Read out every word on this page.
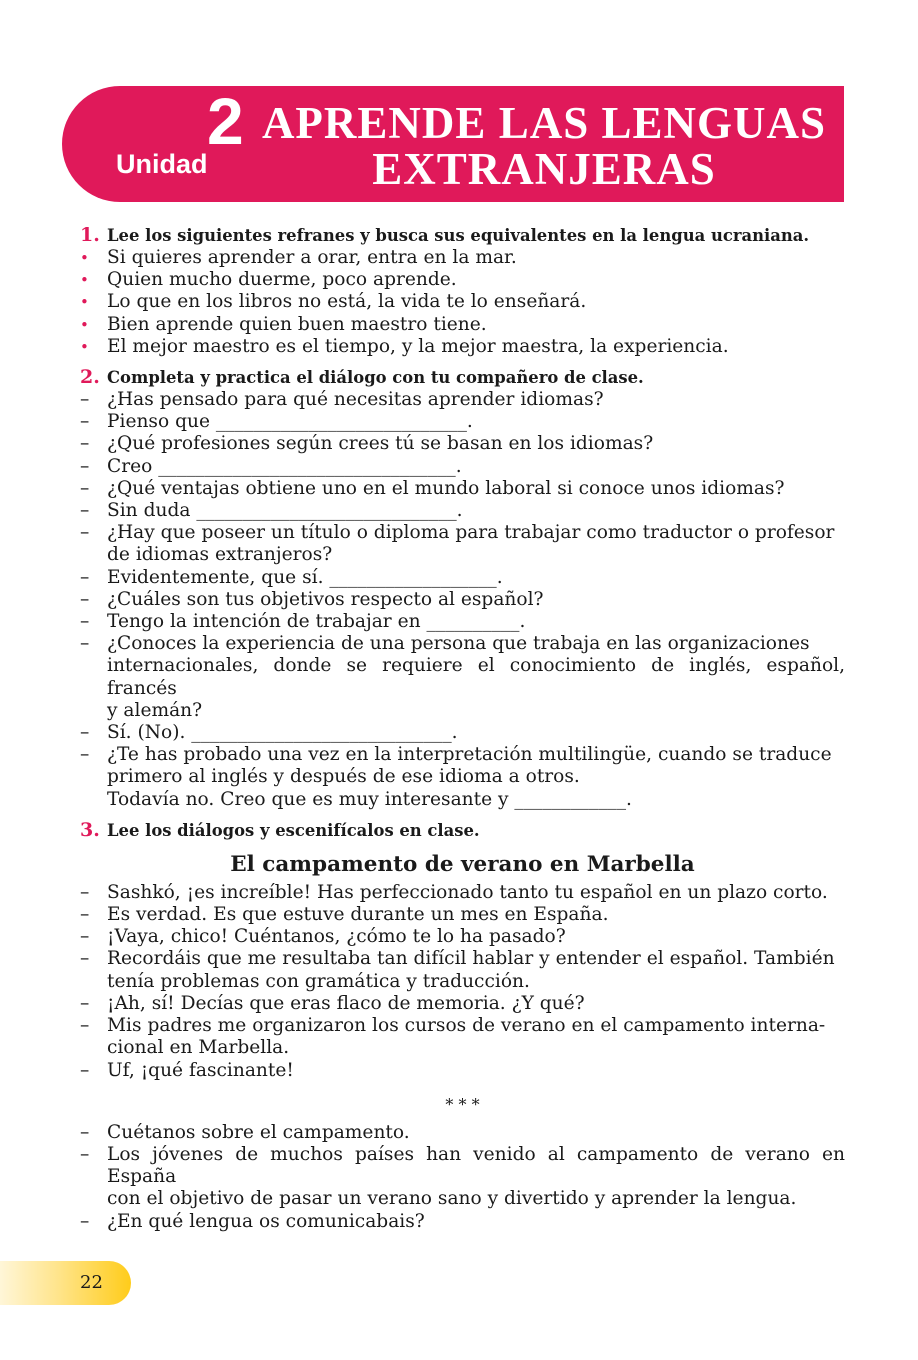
2
Unidad
APRENDE LAS LENGUAS
EXTRANJERAS
1. Lee los siguientes refranes y busca sus equivalentes en la lengua ucraniana.
• Si quieres aprender a orar, entra en la mar.
• Quien mucho duerme, poco aprende.
• Lo que en los libros no está, la vida te lo enseñará.
• Bien aprende quien buen maestro tiene.
• El mejor maestro es el tiempo, y la mejor maestra, la experiencia.
2. Completa y practica el diálogo con tu compañero de clase.
– ¿Has pensado para qué necesitas aprender idiomas?
– Pienso que ___________________________.
– ¿Qué profesiones según crees tú se basan en los idiomas?
– Creo ________________________________.
– ¿Qué ventajas obtiene uno en el mundo laboral si conoce unos idiomas?
– Sin duda ____________________________.
– ¿Hay que poseer un título o diploma para trabajar como traductor o profesor
de idiomas extranjeros?
– Evidentemente, que sí. __________________.
– ¿Cuáles son tus objetivos respecto al español?
– Tengo la intención de trabajar en __________.
– ¿Conoces la experiencia de una persona que trabaja en las organizaciones
internacionales, donde se requiere el conocimiento de inglés, español, francés
y alemán?
– Sí. (No). ____________________________.
– ¿Te has probado una vez en la interpretación multilingüe, cuando se traduce
primero al inglés y después de ese idioma a otros.
Todavía no. Creo que es muy interesante y ____________.
3. Lee los diálogos y escenifícalos en clase.
El campamento de verano en Marbella
– Sashkó, ¡es increíble! Has perfeccionado tanto tu español en un plazo corto.
– Es verdad. Es que estuve durante un mes en España.
– ¡Vaya, chico! Cuéntanos, ¿cómo te lo ha pasado?
– Recordáis que me resultaba tan difícil hablar y entender el español. También
tenía problemas con gramática y traducción.
– ¡Ah, sí! Decías que eras flaco de memoria. ¿Y qué?
– Mis padres me organizaron los cursos de verano en el campamento interna-
cional en Marbella.
– Uf, ¡qué fascinante!
* * *
– Cuétanos sobre el campamento.
– Los jóvenes de muchos países han venido al campamento de verano en España
con el objetivo de pasar un verano sano y divertido y aprender la lengua.
– ¿En qué lengua os comunicabais?
22
